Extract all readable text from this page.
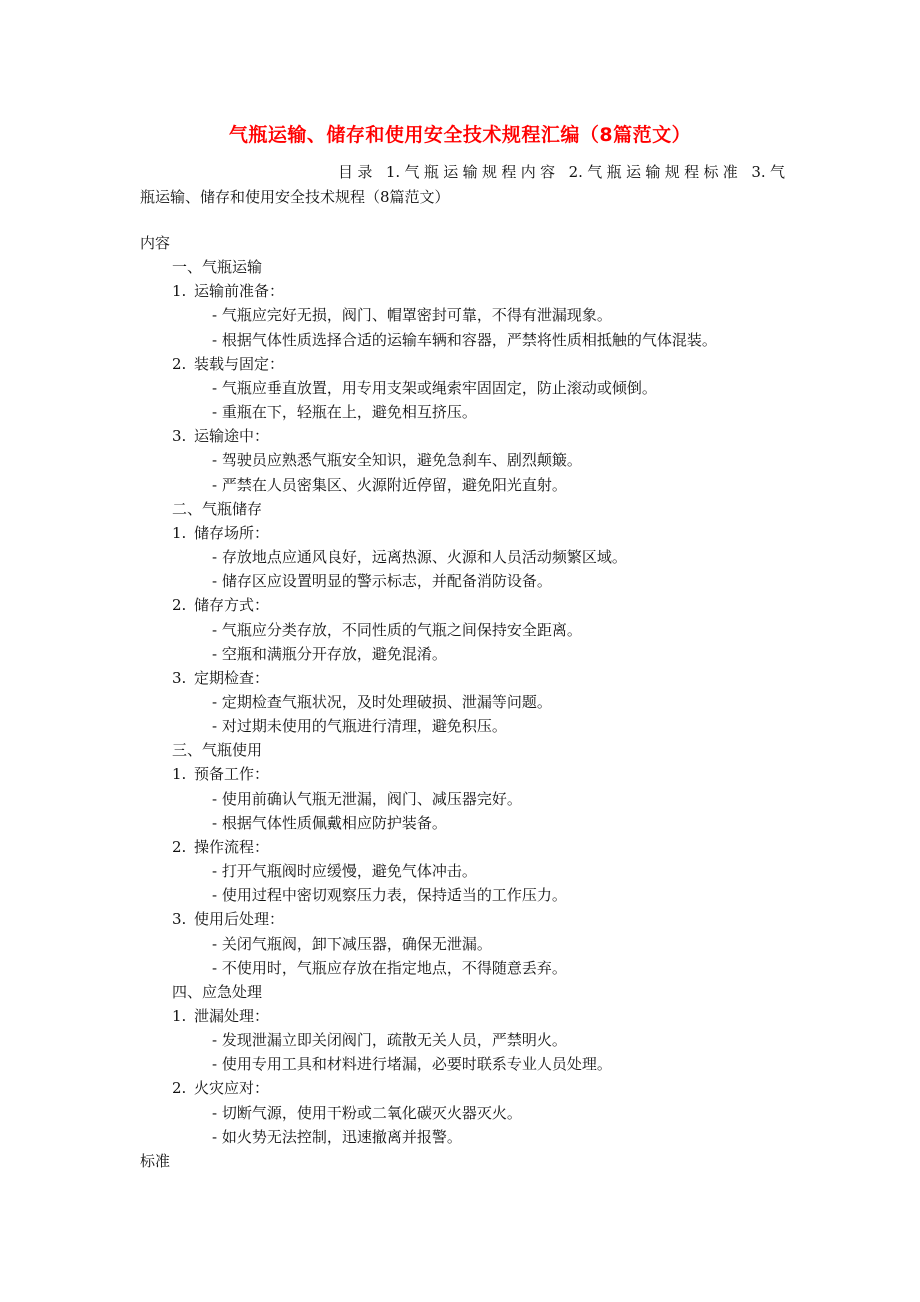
气瓶运输、储存和使用安全技术规程汇编（8篇范文）
目录 1.气瓶运输规程内容 2.气瓶运输规程标准 3.气
瓶运输、储存和使用安全技术规程（8篇范文）
内容
一、气瓶运输
1. 运输前准备：
- 气瓶应完好无损，阀门、帽罩密封可靠，不得有泄漏现象。
- 根据气体性质选择合适的运输车辆和容器，严禁将性质相抵触的气体混装。
2. 装载与固定：
- 气瓶应垂直放置，用专用支架或绳索牢固固定，防止滚动或倾倒。
- 重瓶在下，轻瓶在上，避免相互挤压。
3. 运输途中：
- 驾驶员应熟悉气瓶安全知识，避免急刹车、剧烈颠簸。
- 严禁在人员密集区、火源附近停留，避免阳光直射。
二、气瓶储存
1. 储存场所：
- 存放地点应通风良好，远离热源、火源和人员活动频繁区域。
- 储存区应设置明显的警示标志，并配备消防设备。
2. 储存方式：
- 气瓶应分类存放，不同性质的气瓶之间保持安全距离。
- 空瓶和满瓶分开存放，避免混淆。
3. 定期检查：
- 定期检查气瓶状况，及时处理破损、泄漏等问题。
- 对过期未使用的气瓶进行清理，避免积压。
三、气瓶使用
1. 预备工作：
- 使用前确认气瓶无泄漏，阀门、减压器完好。
- 根据气体性质佩戴相应防护装备。
2. 操作流程：
- 打开气瓶阀时应缓慢，避免气体冲击。
- 使用过程中密切观察压力表，保持适当的工作压力。
3. 使用后处理：
- 关闭气瓶阀，卸下减压器，确保无泄漏。
- 不使用时，气瓶应存放在指定地点，不得随意丢弃。
四、应急处理
1. 泄漏处理：
- 发现泄漏立即关闭阀门，疏散无关人员，严禁明火。
- 使用专用工具和材料进行堵漏，必要时联系专业人员处理。
2. 火灾应对：
- 切断气源，使用干粉或二氧化碳灭火器灭火。
- 如火势无法控制，迅速撤离并报警。
标准
